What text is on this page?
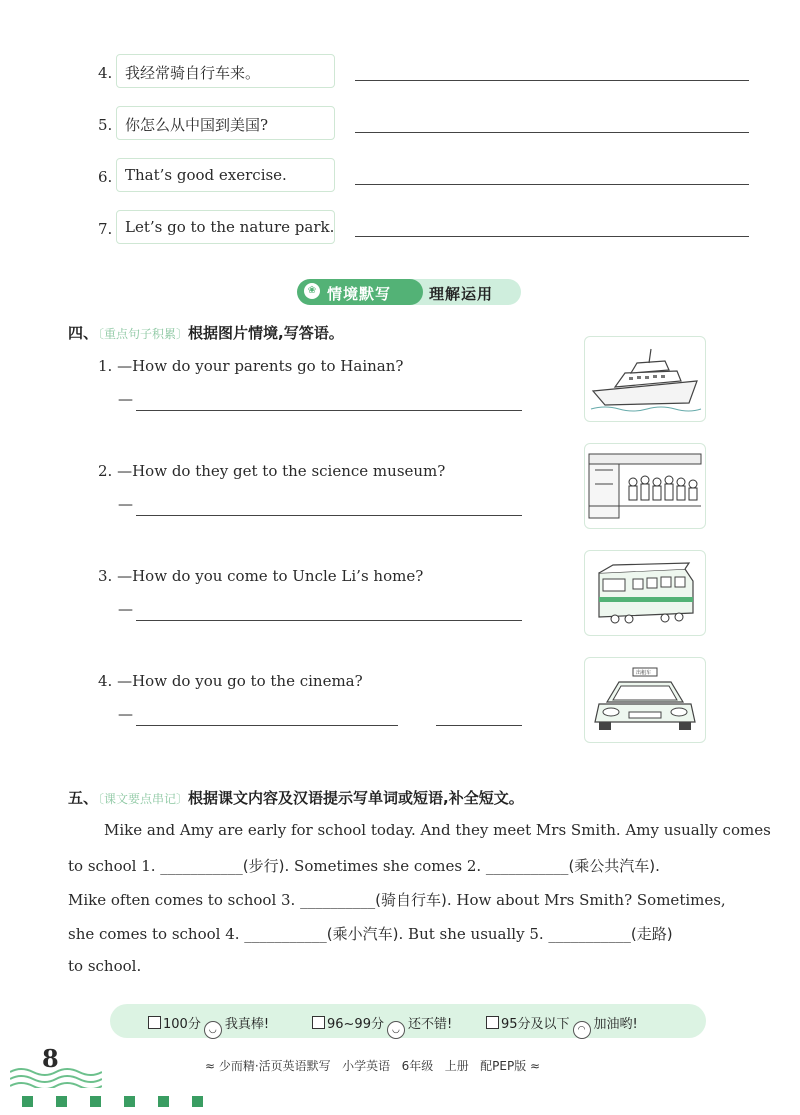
4. 我经常骑自行车来。
5. 你怎么从中国到美国?
6. That’s good exercise.
7. Let’s go to the nature park.
理解运用
❀ 情境默写
四、〔重点句子积累〕根据图片情境,写答语。
1. —How do your parents go to Hainan?
—
2. —How do they get to the science museum?
—
3. —How do you come to Uncle Li’s home?
—
4. —How do you go to the cinema?
—
出租车
五、〔课文要点串记〕根据课文内容及汉语提示写单词或短语,补全短文。
Mike and Amy are early for school today. And they meet Mrs Smith. Amy usually comes
to school 1. ___________(步行). Sometimes she comes 2. ___________(乘公共汽车).
Mike often comes to school 3. __________(骑自行车). How about Mrs Smith? Sometimes,
she comes to school 4. ___________(乘小汽车). But she usually 5. ___________(走路)
to school.
100分 ◡ 我真棒!	96~99分 ◡ 还不错!	95分及以下 ◠ 加油哟!
8	≈ 少而精·活页英语默写 小学英语 6年级 上册 配PEP版 ≈
